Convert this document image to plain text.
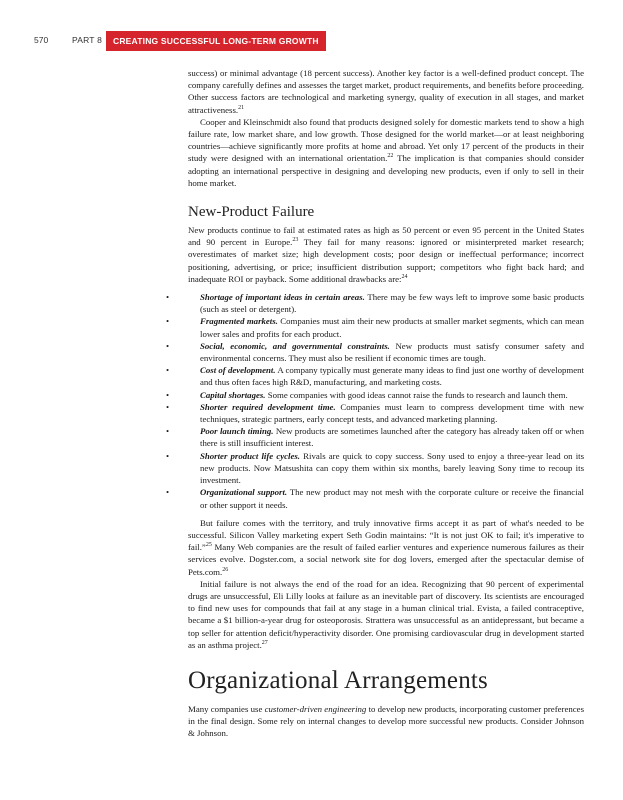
570	PART 8	CREATING SUCCESSFUL LONG-TERM GROWTH

success) or minimal advantage (18 percent success). Another key factor is a well-defined product concept. The company carefully defines and assesses the target market, product requirements, and benefits before proceeding. Other success factors are technological and marketing synergy, quality of execution in all stages, and market attractiveness.$^{21}$

Cooper and Kleinschmidt also found that products designed solely for domestic markets tend to show a high failure rate, low market share, and low growth. Those designed for the world market—or at least neighboring countries—achieve significantly more profits at home and abroad. Yet only 17 percent of the products in their study were designed with an international orientation.$^{22}$ The implication is that companies should consider adopting an international perspective in designing and developing new products, even if only to sell in their home market.

New-Product Failure

New products continue to fail at estimated rates as high as 50 percent or even 95 percent in the United States and 90 percent in Europe.$^{23}$ They fail for many reasons: ignored or misinterpreted market research; overestimates of market size; high development costs; poor design or ineffectual performance; incorrect positioning, advertising, or price; insufficient distribution support; competitors who fight back hard; and inadequate ROI or payback. Some additional drawbacks are:$^{24}$

•	Shortage of important ideas in certain areas. There may be few ways left to improve some basic products (such as steel or detergent).
•	Fragmented markets. Companies must aim their new products at smaller market segments, which can mean lower sales and profits for each product.
•	Social, economic, and governmental constraints. New products must satisfy consumer safety and environmental concerns. They must also be resilient if economic times are tough.
•	Cost of development. A company typically must generate many ideas to find just one worthy of development and thus often faces high R&D, manufacturing, and marketing costs.
•	Capital shortages. Some companies with good ideas cannot raise the funds to research and launch them.
•	Shorter required development time. Companies must learn to compress development time with new techniques, strategic partners, early concept tests, and advanced marketing planning.
•	Poor launch timing. New products are sometimes launched after the category has already taken off or when there is still insufficient interest.
•	Shorter product life cycles. Rivals are quick to copy success. Sony used to enjoy a three-year lead on its new products. Now Matsushita can copy them within six months, barely leaving Sony time to recoup its investment.
•	Organizational support. The new product may not mesh with the corporate culture or receive the financial or other support it needs.

But failure comes with the territory, and truly innovative firms accept it as part of what's needed to be successful. Silicon Valley marketing expert Seth Godin maintains: “It is not just OK to fail; it's imperative to fail.”$^{25}$ Many Web companies are the result of failed earlier ventures and experience numerous failures as their services evolve. Dogster.com, a social network site for dog lovers, emerged after the spectacular demise of Pets.com.$^{26}$

Initial failure is not always the end of the road for an idea. Recognizing that 90 percent of experimental drugs are unsuccessful, Eli Lilly looks at failure as an inevitable part of discovery. Its scientists are encouraged to find new uses for compounds that fail at any stage in a human clinical trial. Evista, a failed contraceptive, became a $1 billion-a-year drug for osteoporosis. Strattera was unsuccessful as an antidepressant, but became a top seller for attention deficit/hyperactivity disorder. One promising cardiovascular drug in development started as an asthma project.$^{27}$

Organizational Arrangements

Many companies use customer-driven engineering to develop new products, incorporating customer preferences in the final design. Some rely on internal changes to develop more successful new products. Consider Johnson & Johnson.
